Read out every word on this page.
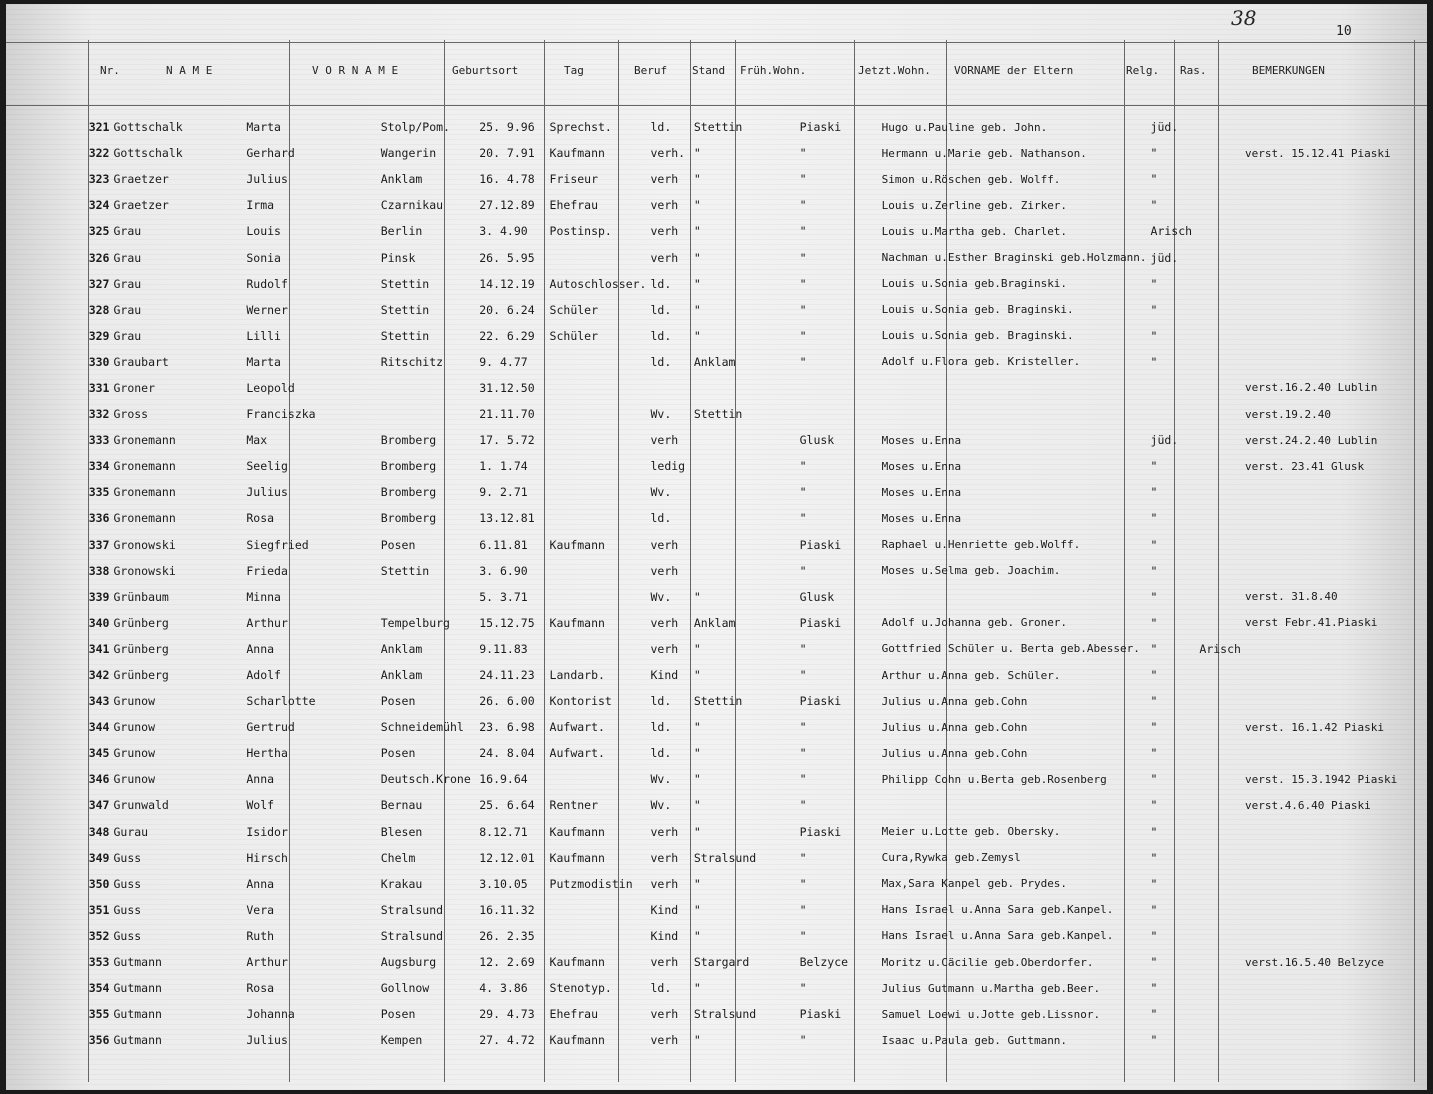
38
10
Nr.	N A M E	V O R N A M E	Geburtsort	Tag	Beruf Stand Früh.Wohn.	Jetzt.Wohn. VORNAME der Eltern	Relg. Ras.	BEMERKUNGEN
321	Gottschalk	Marta	Stolp/Pom.	25. 9.96	Sprechst.	ld.	Stettin	Piaski	Hugo u.Pauline geb. John.	jüd.		
322	Gottschalk	Gerhard	Wangerin	20. 7.91	Kaufmann	verh.	"	"	Hermann u.Marie geb. Nathanson.	"		verst. 15.12.41 Piaski
323	Graetzer	Julius	Anklam	16. 4.78	Friseur	verh	"	"	Simon u.Röschen geb. Wolff.	"		
324	Graetzer	Irma	Czarnikau	27.12.89	Ehefrau	verh	"	"	Louis u.Zerline geb. Zirker.	"		
325	Grau	Louis	Berlin	3. 4.90	Postinsp.	verh	"	"	Louis u.Martha geb. Charlet.	Arisch		
326	Grau	Sonia	Pinsk	26. 5.95		verh	"	"	Nachman u.Esther Braginski geb.Holzmann.	jüd.		
327	Grau	Rudolf	Stettin	14.12.19	Autoschlosser.	ld.	"	"	Louis u.Sonia geb.Braginski.	"		
328	Grau	Werner	Stettin	20. 6.24	Schüler	ld.	"	"	Louis u.Sonia geb. Braginski.	"		
329	Grau	Lilli	Stettin	22. 6.29	Schüler	ld.	"	"	Louis u.Sonia geb. Braginski.	"		
330	Graubart	Marta	Ritschitz	9. 4.77		ld.	Anklam	"	Adolf u.Flora geb. Kristeller.	"		
331	Groner	Leopold		31.12.50								verst.16.2.40 Lublin
332	Gross	Franciszka		21.11.70		Wv.	Stettin					verst.19.2.40
333	Gronemann	Max	Bromberg	17. 5.72		verh		Glusk	Moses u.Enna	jüd.		verst.24.2.40 Lublin
334	Gronemann	Seelig	Bromberg	1. 1.74		ledig		"	Moses u.Enna	"		verst. 23.41 Glusk
335	Gronemann	Julius	Bromberg	9. 2.71		Wv.		"	Moses u.Enna	"		
336	Gronemann	Rosa	Bromberg	13.12.81		ld.		"	Moses u.Enna	"		
337	Gronowski	Siegfried	Posen	6.11.81	Kaufmann	verh		Piaski	Raphael u.Henriette geb.Wolff.	"		
338	Gronowski	Frieda	Stettin	3. 6.90		verh		"	Moses u.Selma geb. Joachim.	"		
339	Grünbaum	Minna		5. 3.71		Wv.	"	Glusk		"		verst. 31.8.40
340	Grünberg	Arthur	Tempelburg	15.12.75	Kaufmann	verh	Anklam	Piaski	Adolf u.Johanna geb. Groner.	"		verst Febr.41.Piaski
341	Grünberg	Anna	Anklam	9.11.83		verh	"	"	Gottfried Schüler u. Berta geb.Abesser.	"	Arisch	
342	Grünberg	Adolf	Anklam	24.11.23	Landarb.	Kind	"	"	Arthur u.Anna geb. Schüler.	"		
343	Grunow	Scharlotte	Posen	26. 6.00	Kontorist	ld.	Stettin	Piaski	Julius u.Anna geb.Cohn	"		
344	Grunow	Gertrud	Schneidemühl	23. 6.98	Aufwart.	ld.	"	"	Julius u.Anna geb.Cohn	"		verst. 16.1.42 Piaski
345	Grunow	Hertha	Posen	24. 8.04	Aufwart.	ld.	"	"	Julius u.Anna geb.Cohn	"		
346	Grunow	Anna	Deutsch.Krone	16.9.64		Wv.	"	"	Philipp Cohn u.Berta geb.Rosenberg	"		verst. 15.3.1942 Piaski
347	Grunwald	Wolf	Bernau	25. 6.64	Rentner	Wv.	"	"		"		verst.4.6.40 Piaski
348	Gurau	Isidor	Blesen	8.12.71	Kaufmann	verh	"	Piaski	Meier u.Lotte geb. Obersky.	"		
349	Guss	Hirsch	Chelm	12.12.01	Kaufmann	verh	Stralsund	"	Cura,Rywka geb.Zemysl	"		
350	Guss	Anna	Krakau	3.10.05	Putzmodistin	verh	"	"	Max,Sara Kanpel geb. Prydes.	"		
351	Guss	Vera	Stralsund	16.11.32		Kind	"	"	Hans Israel u.Anna Sara geb.Kanpel.	"		
352	Guss	Ruth	Stralsund	26. 2.35		Kind	"	"	Hans Israel u.Anna Sara geb.Kanpel.	"		
353	Gutmann	Arthur	Augsburg	12. 2.69	Kaufmann	verh	Stargard	Belzyce	Moritz u.Cäcilie geb.Oberdorfer.	"		verst.16.5.40 Belzyce
354	Gutmann	Rosa	Gollnow	4. 3.86	Stenotyp.	ld.	"	"	Julius Gutmann u.Martha geb.Beer.	"		
355	Gutmann	Johanna	Posen	29. 4.73	Ehefrau	verh	Stralsund	Piaski	Samuel Loewi u.Jotte geb.Lissnor.	"		
356	Gutmann	Julius	Kempen	27. 4.72	Kaufmann	verh	"	"	Isaac u.Paula geb. Guttmann.	"		
